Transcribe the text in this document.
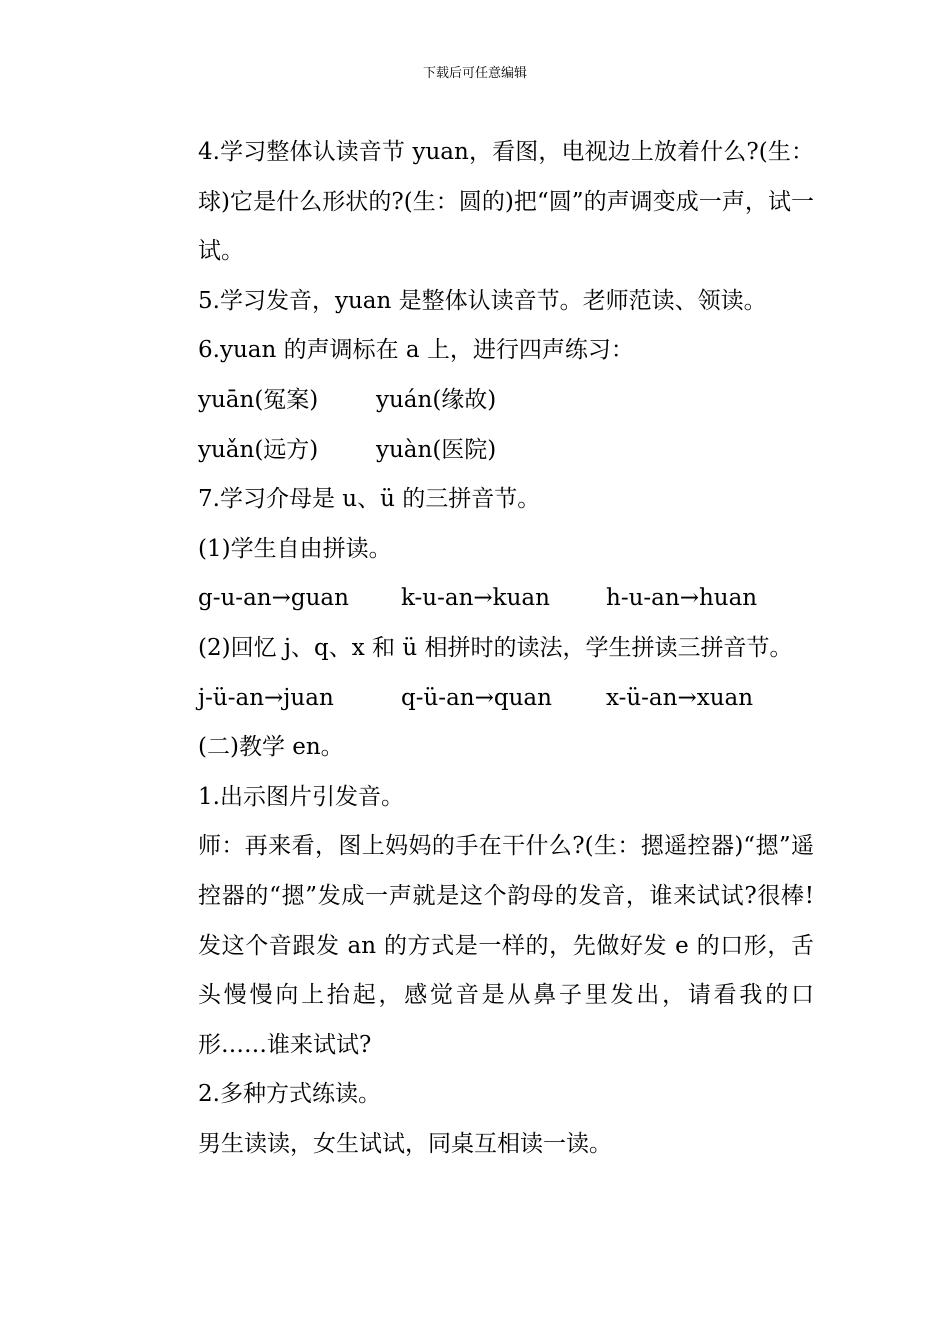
下载后可任意编辑

4.学习整体认读音节 yuan，看图，电视边上放着什么?(生：球)它是什么形状的?(生：圆的)把“圆”的声调变成一声，试一试。

5.学习发音，yuan 是整体认读音节。老师范读、领读。

6.yuan 的声调标在 a 上，进行四声练习：

yuān(冤案)	yuán(缘故)
yuǎn(远方)	yuàn(医院)

7.学习介母是 u、ü 的三拼音节。

(1)学生自由拼读。

g-u-an→guan	k-u-an→kuan	h-u-an→huan

(2)回忆 j、q、x 和 ü 相拼时的读法，学生拼读三拼音节。

j-ü-an→juan	q-ü-an→quan	x-ü-an→xuan

(二)教学 en。

1.出示图片引发音。

师：再来看，图上妈妈的手在干什么?(生：摁遥控器)“摁”遥控器的“摁”发成一声就是这个韵母的发音，谁来试试?很棒!发这个音跟发 an 的方式是一样的，先做好发 e 的口形，舌头慢慢向上抬起，感觉音是从鼻子里发出，请看我的口形……谁来试试?

2.多种方式练读。

男生读读，女生试试，同桌互相读一读。
